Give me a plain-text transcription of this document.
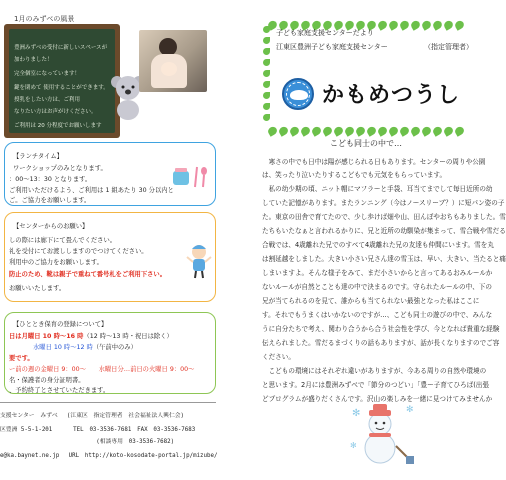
1月のみずべの風景
豊洲みずべの受付に新しいスペースが
加わりました！
完全個室になっています！
鍵を閉めて 使用することができます。
授乳をしたい方は、ご利用
なりたい方はお声がけください。
ご利用は 20 分程度でお願いします
【ランチタイム】
ワークショップのみとなります。
：00～13：30 となります。
ご利用いただけるよう、ご利用は 1 組あたり 30 分以内と
ご。ご協力をお願いします。
【センターからのお願い】
しの際には廊下にて畳んでください。
礼を受付にてお渡ししますのでつけてください。
利用中のご協力をお願いします。
防止のため、靴は親子で重ねて番号札をご利用下さい。
お願いいたします。
【ひととき保育の登録について】
日は月曜日 10 時～16 時（12 時～13 時・祝日は除く）
水曜日 10 時～12 時（午前中のみ）
要です。
ー前の週の金曜日 9：00～　　水曜日分…前日の火曜日 9：00～
名・保護者の身分証明書。
、予約終了とさせていただきます。
支援センター　みずべ　 (江東区　指定管理者　社会福祉法人興仁会)
区豊洲 5-5-1-201　　　 TEL　03-3536-7681　FAX　03-3536-7683
　　　　　　　　　　　　　　　　 (相談専用　03-3536-7682)
e@ka.baynet.ne.jp　 URL　http://koto-kosodate-portal.jp/mizube/
子ども家庭支援センターだより
江東区豊洲子ども家庭支援センター	（指定管理者）
かもめつうし
こども同士の中で…
　寒さの中でも日中は陽が感じられる日もあります。センターの周りや公園
は、笑ったり泣いたりするこどもでも元気をもらっています。
　私の幼少期の頃、ニット帽にマフラーと手袋、耳当てまでして毎日近所の幼
していた記憶があります。またランニング（今はノースリーブ？）に短パン姿の子
た。東京の田舎で育てたので、少し歩けば畑や山、田んぼやおちもありました。雪
たちもいたなぁと言われるかりに、兄と近所の幼馴染が集まって、雪合戦や雪だる
合戦では、4歳離れた兄でのすべて4歳離れた兄の友達も仲間にいます。雪を丸
は割延越をしました。大きい小さい兄さん達の雪玉は、早い、大きい、当たると痛
しまいますよ。そんな様子をみて、まだ小さいからと言ってあるおみルールか
ないルールが自然とことも達の中で決まるのです。守られたルールの中、下の
兄が当てられるのを見て、誰からも当てられない最強となった私はここに
す。それでもうまくはいかないのですが…、こども同士の遊びの中で、みんな
うに自分たちで考え、関わり合うから合う社会性を学び、今となれば貴重な経験
伝えられました。雪だるまづくりの話もありますが、話が長くなりますのでご容
ください。
　こどもの環境にはそれぞれ違いがありますが、今ある周りの自然や環境の
と思います。2月には豊洲みずべで「節分のつどい」「豊ー子育てひろば(出張
どプログラムが盛りだくさんです。沢山の楽しみを一緒に見つけてみませんか
✻	✻
✻
